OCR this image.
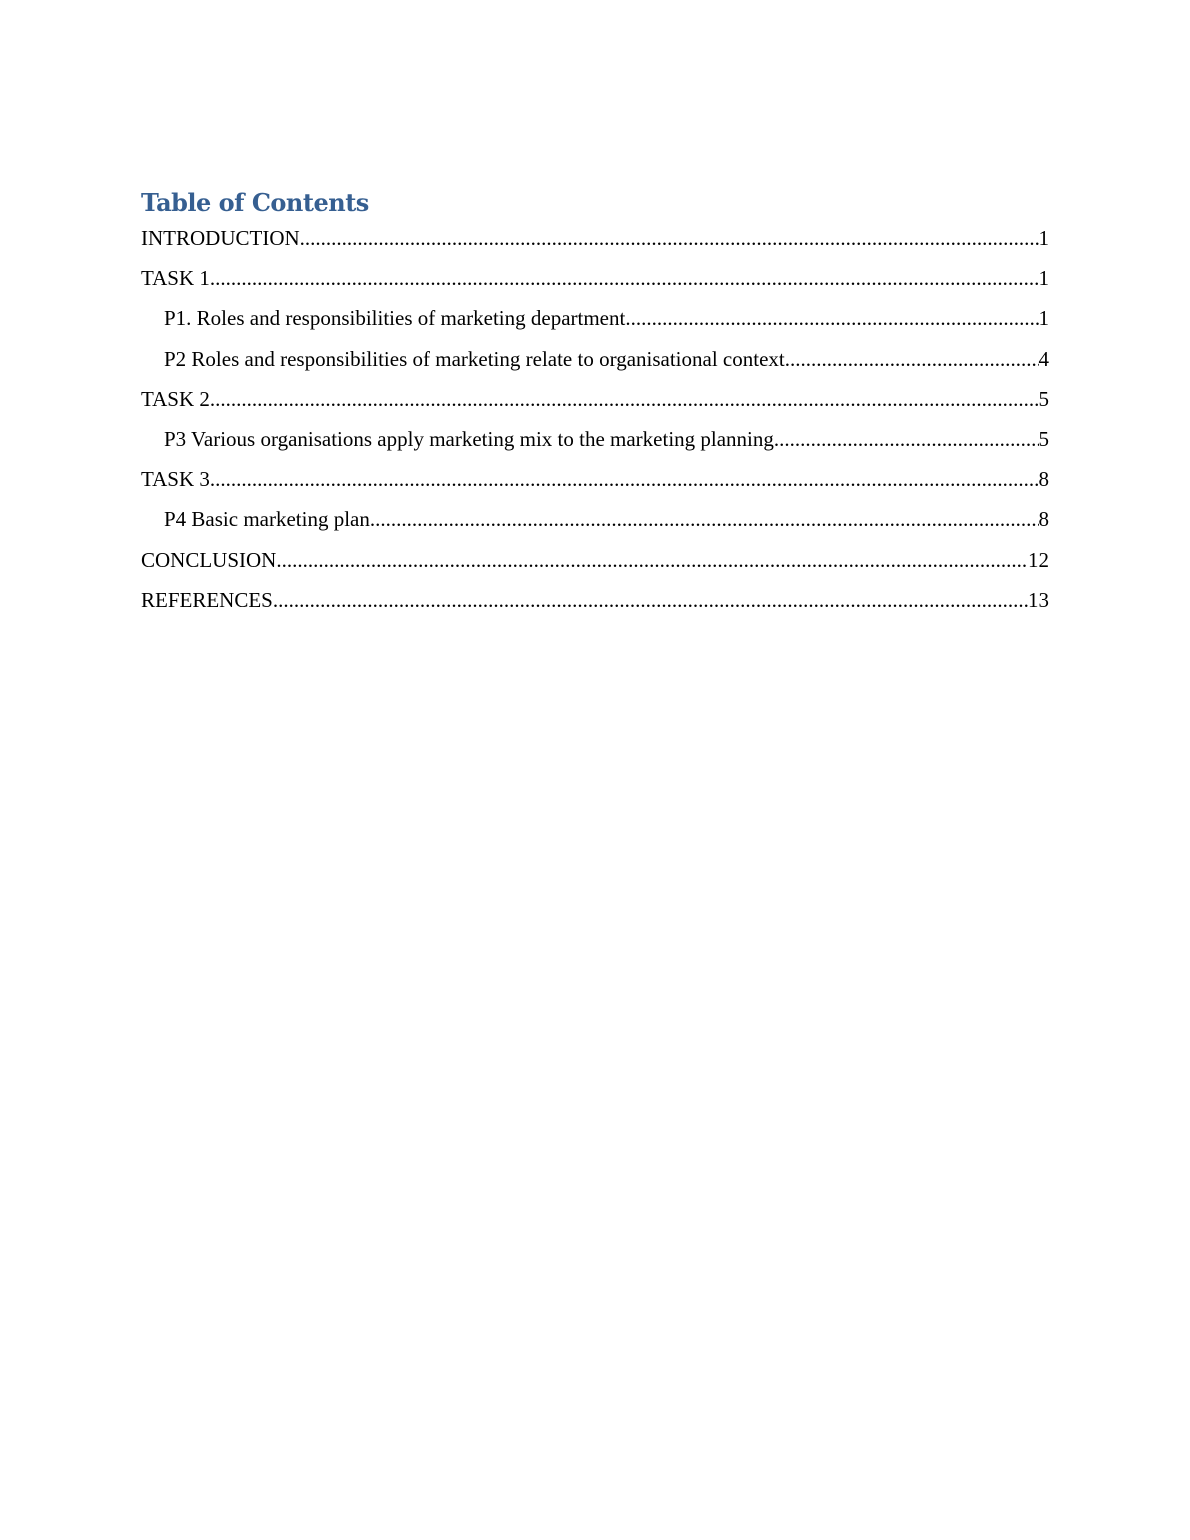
Table of Contents
INTRODUCTION .....	1
TASK 1 .....	1
P1. Roles and responsibilities of marketing department .....	1
P2 Roles and responsibilities of marketing relate to organisational context .....	4
TASK 2 .....	5
P3 Various organisations apply marketing mix to the marketing planning .....	5
TASK 3 .....	8
P4 Basic marketing plan .....	8
CONCLUSION .....	12
REFERENCES .....	13
